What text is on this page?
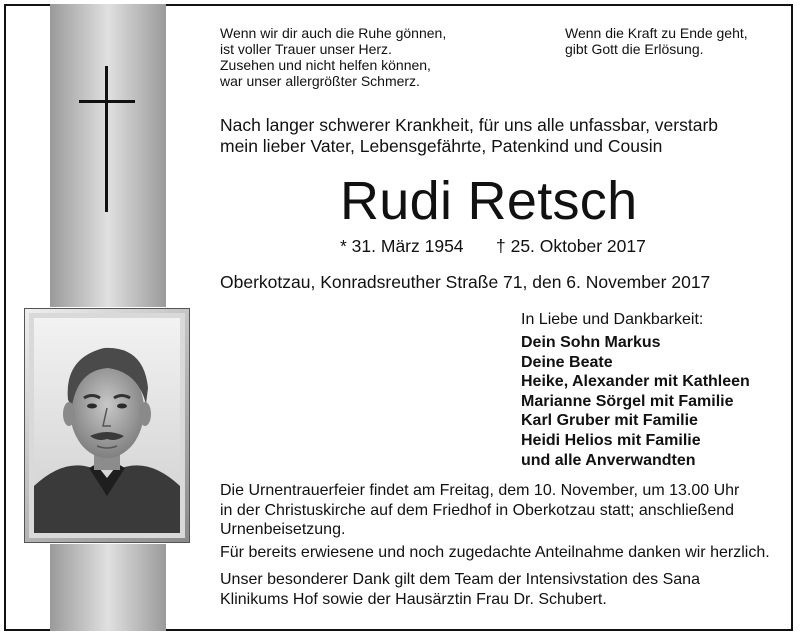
Wenn wir dir auch die Ruhe gönnen,
ist voller Trauer unser Herz.
Zusehen und nicht helfen können,
war unser allergrößter Schmerz.
Wenn die Kraft zu Ende geht,
gibt Gott die Erlösung.
Nach langer schwerer Krankheit, für uns alle unfassbar, verstarb
mein lieber Vater, Lebensgefährte, Patenkind und Cousin
Rudi Retsch
* 31. März 1954 † 25. Oktober 2017
Oberkotzau, Konradsreuther Straße 71, den 6. November 2017
In Liebe und Dankbarkeit:
Dein Sohn Markus
Deine Beate
Heike, Alexander mit Kathleen
Marianne Sörgel mit Familie
Karl Gruber mit Familie
Heidi Helios mit Familie
und alle Anverwandten
Die Urnentrauerfeier findet am Freitag, dem 10. November, um 13.00 Uhr
in der Christuskirche auf dem Friedhof in Oberkotzau statt; anschließend
Urnenbeisetzung.
Für bereits erwiesene und noch zugedachte Anteilnahme danken wir herzlich.
Unser besonderer Dank gilt dem Team der Intensivstation des Sana
Klinikums Hof sowie der Hausärztin Frau Dr. Schubert.
